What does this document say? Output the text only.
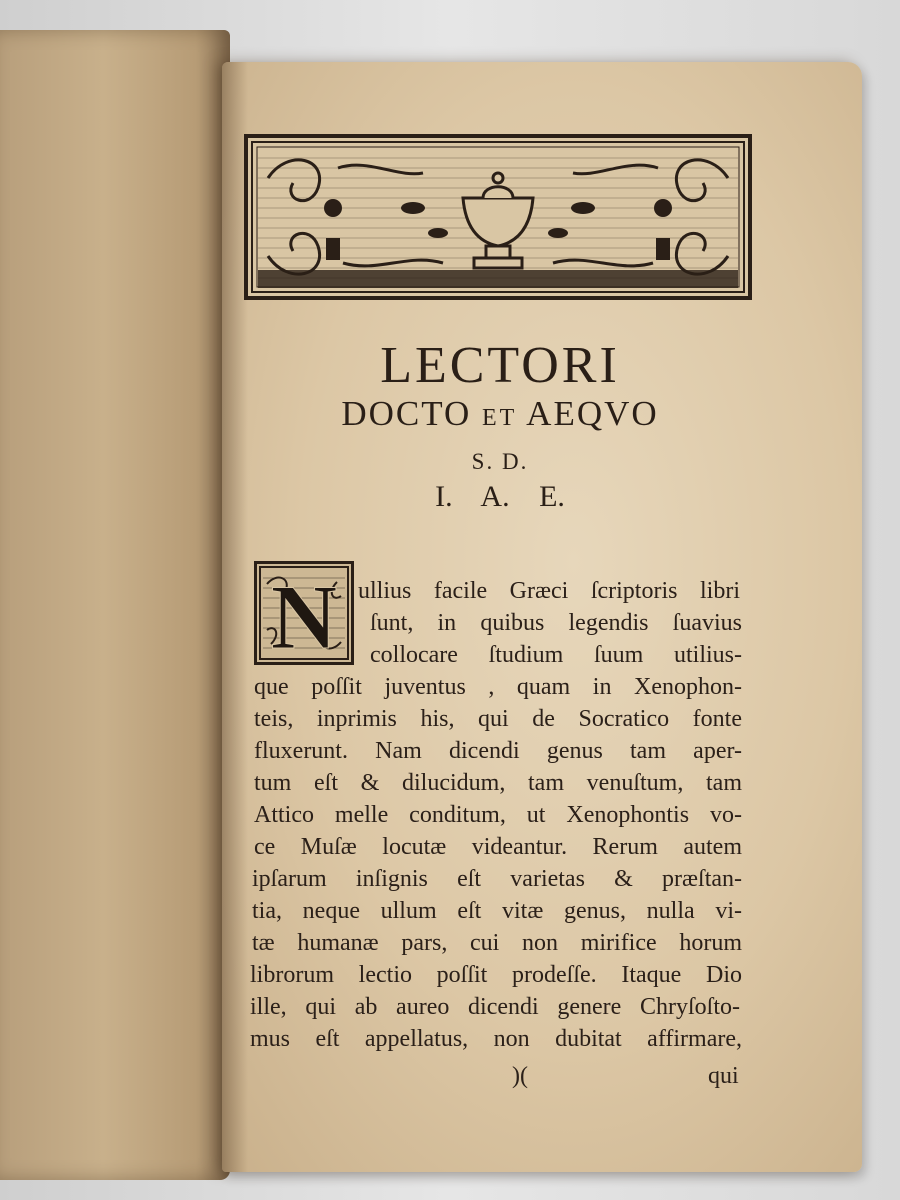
LECTORI
DOCTO ET AEQVO
S. D.
I. A. E.
N ullius facile Græci ſcriptoris libri
ſunt, in quibus legendis ſuavius
collocare ſtudium ſuum utilius-
que poſſit juventus , quam in Xenophon-
teis, inprimis his, qui de Socratico fonte
fluxerunt. Nam dicendi genus tam aper-
tum eſt & dilucidum, tam venuſtum, tam
Attico melle conditum, ut Xenophontis vo-
ce Muſæ locutæ videantur. Rerum autem
ipſarum inſignis eſt varietas & præſtan-
tia, neque ullum eſt vitæ genus, nulla vi-
tæ humanæ pars, cui non mirifice horum
librorum lectio poſſit prodeſſe. Itaque Dio
ille, qui ab aureo dicendi genere Chryſoſto-
mus eſt appellatus, non dubitat affirmare,
)(	qui
